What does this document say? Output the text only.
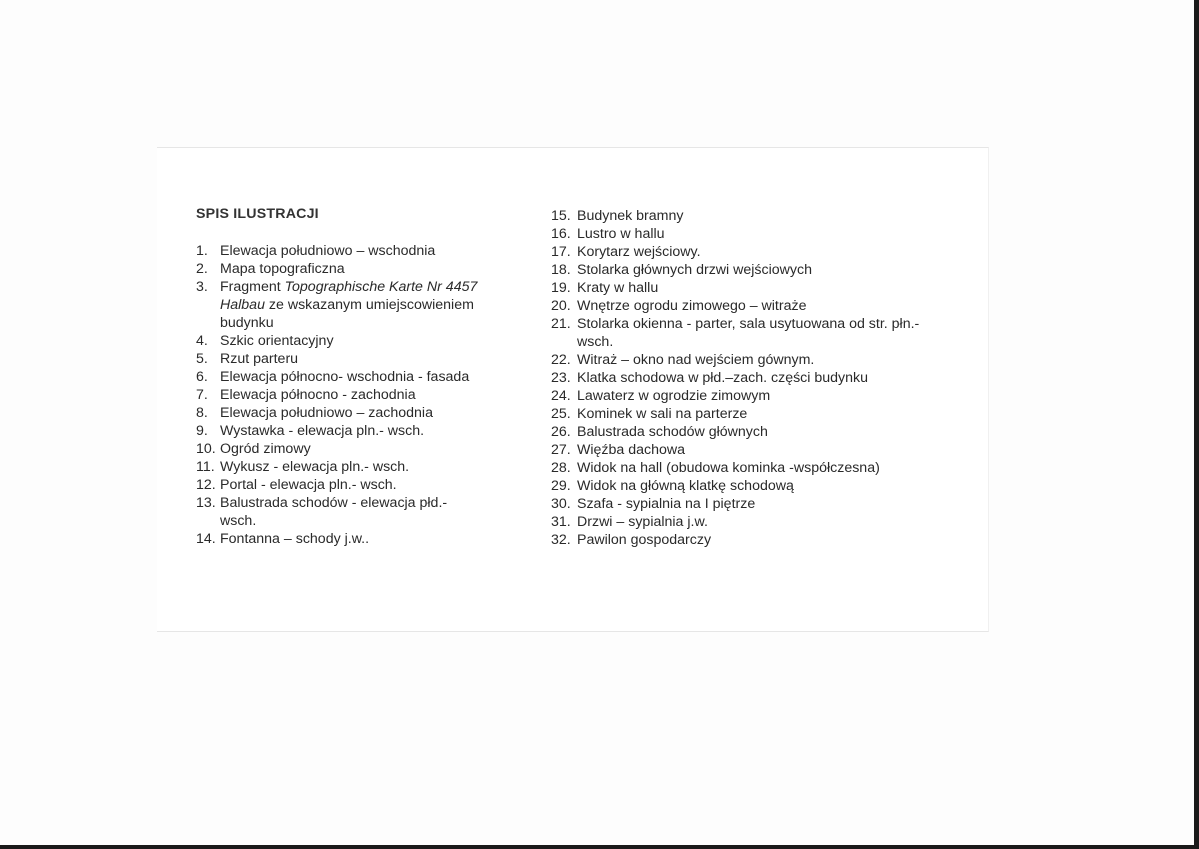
SPIS ILUSTRACJI
1. Elewacja południowo – wschodnia
2. Mapa topograficzna
3. Fragment Topographische Karte Nr 4457 Halbau ze wskazanym umiejscowieniem budynku
4. Szkic orientacyjny
5. Rzut parteru
6. Elewacja północno- wschodnia - fasada
7. Elewacja północno - zachodnia
8. Elewacja południowo – zachodnia
9. Wystawka - elewacja pln.- wsch.
10. Ogród zimowy
11. Wykusz - elewacja pln.- wsch.
12. Portal - elewacja pln.- wsch.
13. Balustrada schodów - elewacja płd.- wsch.
14. Fontanna – schody j.w..
15. Budynek bramny
16. Lustro w hallu
17. Korytarz wejściowy.
18. Stolarka głównych drzwi wejściowych
19. Kraty w hallu
20. Wnętrze ogrodu zimowego – witraże
21. Stolarka okienna - parter, sala usytuowana od str. płn.-wsch.
22. Witraż – okno nad wejściem gównym.
23. Klatka schodowa w płd.–zach. części budynku
24. Lawaterz w ogrodzie zimowym
25. Kominek w sali na parterze
26. Balustrada schodów głównych
27. Więźba dachowa
28. Widok na hall (obudowa kominka -współczesna)
29. Widok na główną klatkę schodową
30. Szafa - sypialnia na I piętrze
31. Drzwi – sypialnia j.w.
32. Pawilon gospodarczy
